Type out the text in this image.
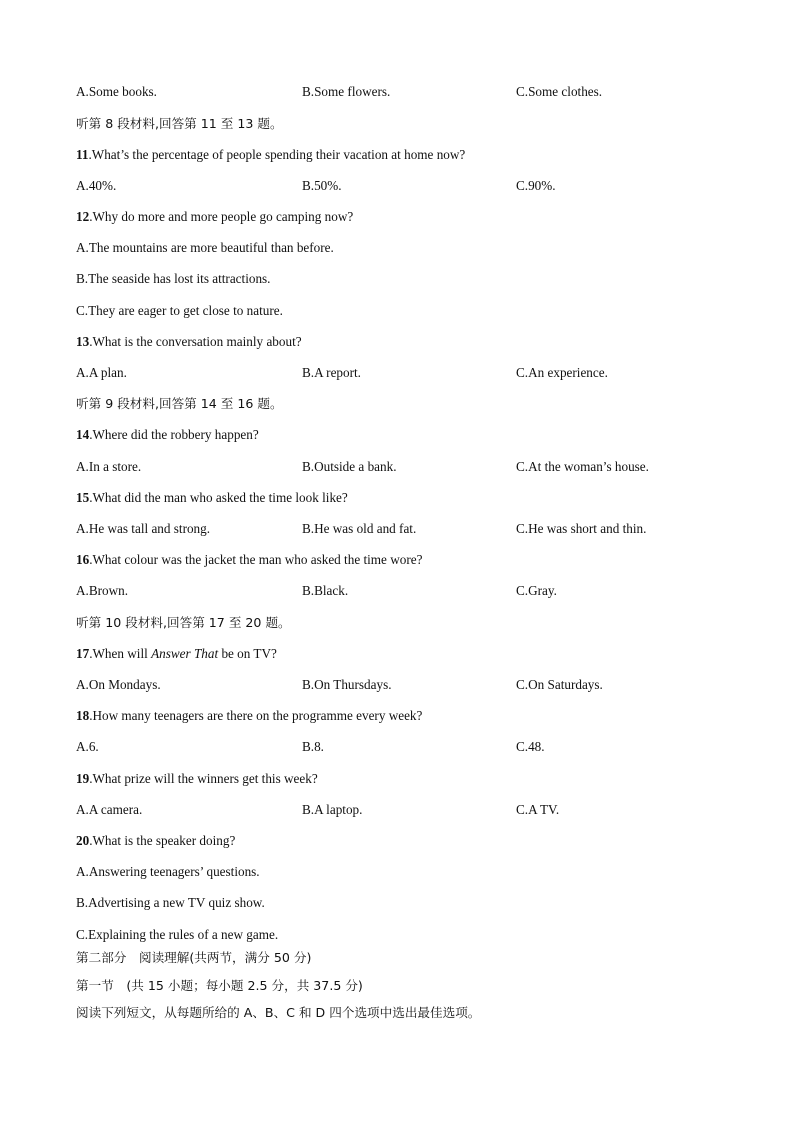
A.Some books.	B.Some flowers.	C.Some clothes.
听第 8 段材料,回答第 11 至 13 题。
11.What’s the percentage of people spending their vacation at home now?
A.40%.	B.50%.	C.90%.
12.Why do more and more people go camping now?
A.The mountains are more beautiful than before.
B.The seaside has lost its attractions.
C.They are eager to get close to nature.
13.What is the conversation mainly about?
A.A plan.	B.A report.	C.An experience.
听第 9 段材料,回答第 14 至 16 题。
14.Where did the robbery happen?
A.In a store.	B.Outside a bank.	C.At the woman’s house.
15.What did the man who asked the time look like?
A.He was tall and strong.	B.He was old and fat.	C.He was short and thin.
16.What colour was the jacket the man who asked the time wore?
A.Brown.	B.Black.	C.Gray.
听第 10 段材料,回答第 17 至 20 题。
17.When will Answer That be on TV?
A.On Mondays.	B.On Thursdays.	C.On Saturdays.
18.How many teenagers are there on the programme every week?
A.6.	B.8.	C.48.
19.What prize will the winners get this week?
A.A camera.	B.A laptop.	C.A TV.
20.What is the speaker doing?
A.Answering teenagers’ questions.
B.Advertising a new TV quiz show.
C.Explaining the rules of a new game.
第二部分　阅读理解(共两节，满分 50 分)
第一节　(共 15 小题；每小题 2.5 分，共 37.5 分)
阅读下列短文，从每题所给的 A、B、C 和 D 四个选项中选出最佳选项。
